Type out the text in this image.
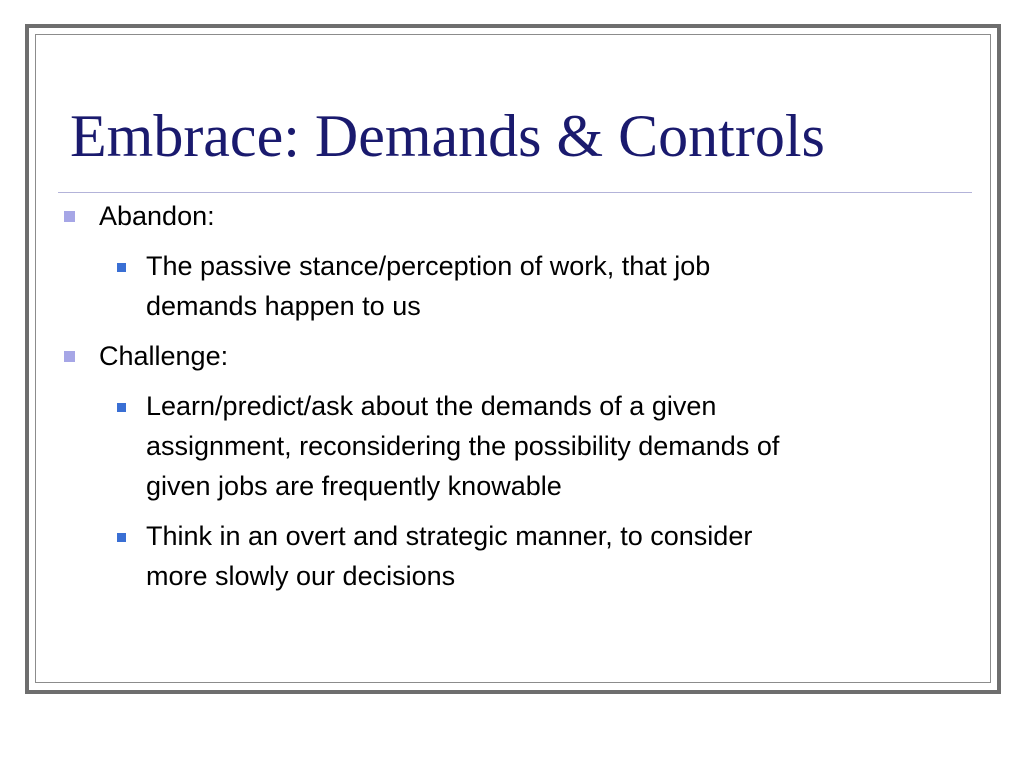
Embrace: Demands & Controls
Abandon:
The passive stance/perception of work, that job
demands happen to us
Challenge:
Learn/predict/ask about the demands of a given
assignment, reconsidering the possibility demands of
given jobs are frequently knowable
Think in an overt and strategic manner, to consider
more slowly our decisions
